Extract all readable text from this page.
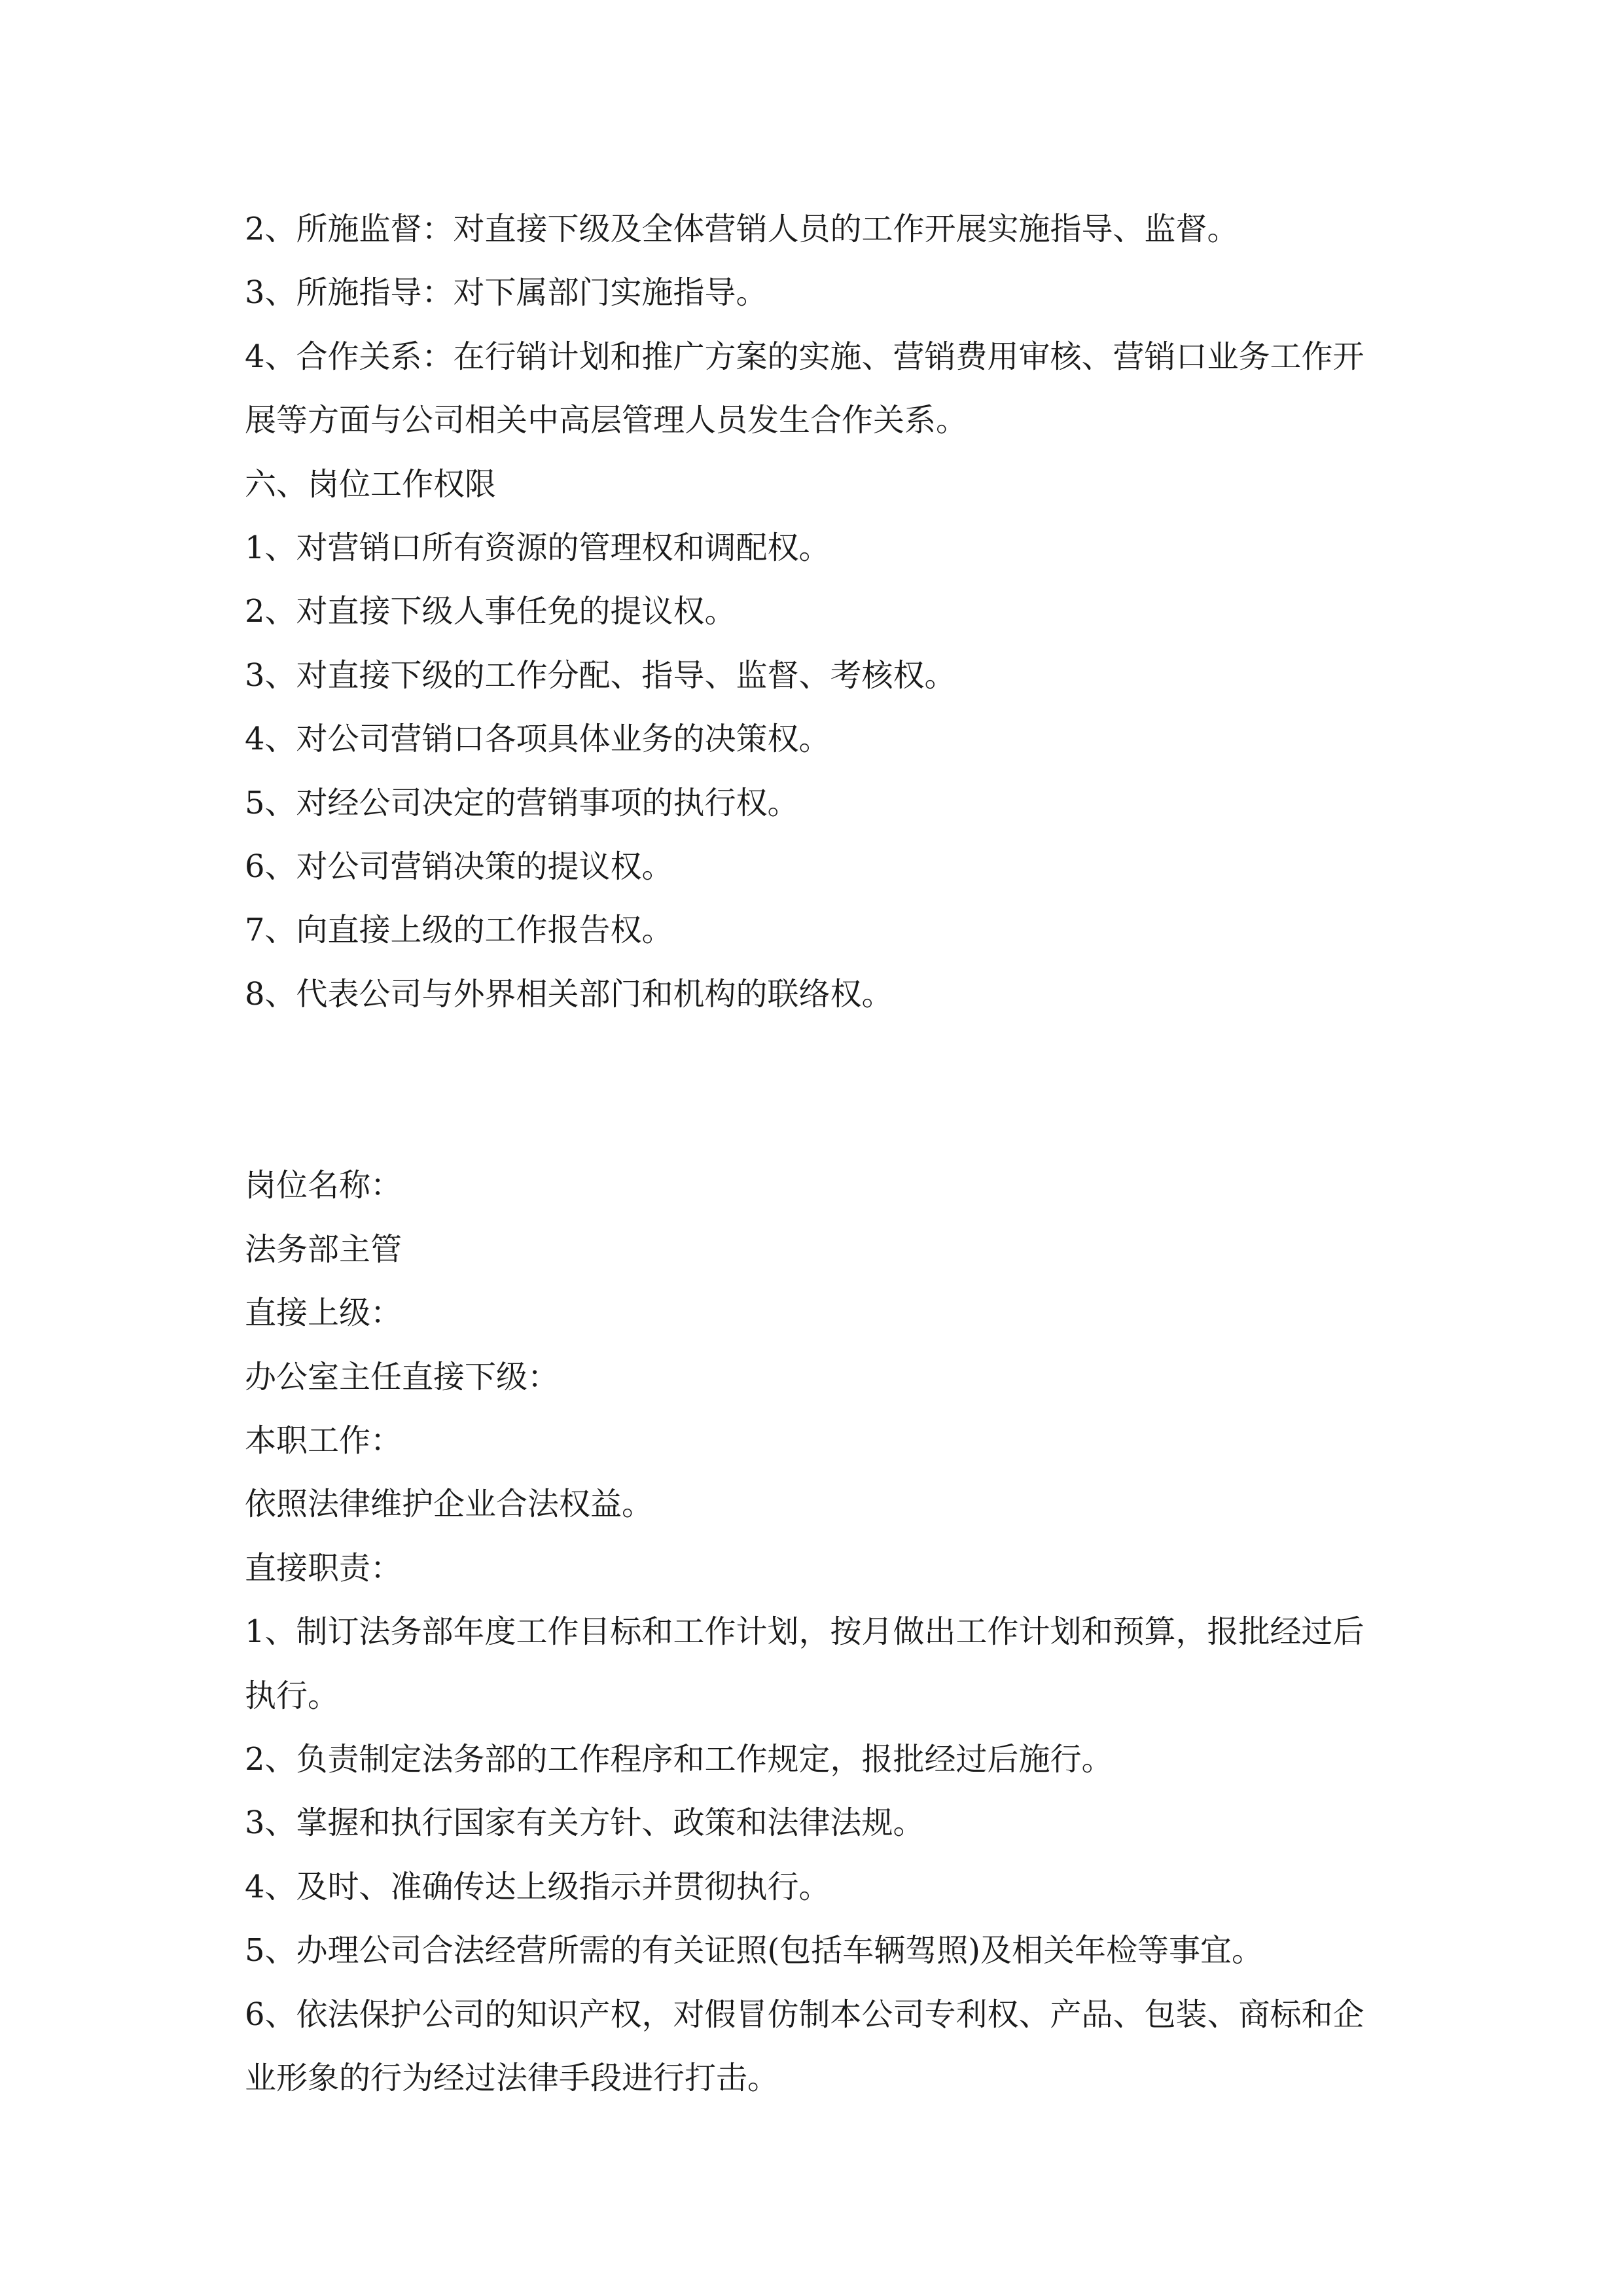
2、所施监督：对直接下级及全体营销人员的工作开展实施指导、监督。

3、所施指导：对下属部门实施指导。

4、合作关系：在行销计划和推广方案的实施、营销费用审核、营销口业务工作开展等方面与公司相关中高层管理人员发生合作关系。

六、岗位工作权限

1、对营销口所有资源的管理权和调配权。

2、对直接下级人事任免的提议权。

3、对直接下级的工作分配、指导、监督、考核权。

4、对公司营销口各项具体业务的决策权。

5、对经公司决定的营销事项的执行权。

6、对公司营销决策的提议权。

7、向直接上级的工作报告权。

8、代表公司与外界相关部门和机构的联络权。

岗位名称：

法务部主管

直接上级：

办公室主任直接下级：

本职工作：

依照法律维护企业合法权益。

直接职责：

1、制订法务部年度工作目标和工作计划，按月做出工作计划和预算，报批经过后执行。

2、负责制定法务部的工作程序和工作规定，报批经过后施行。

3、掌握和执行国家有关方针、政策和法律法规。

4、及时、准确传达上级指示并贯彻执行。

5、办理公司合法经营所需的有关证照(包括车辆驾照)及相关年检等事宜。

6、依法保护公司的知识产权，对假冒仿制本公司专利权、产品、包装、商标和企业形象的行为经过法律手段进行打击。
